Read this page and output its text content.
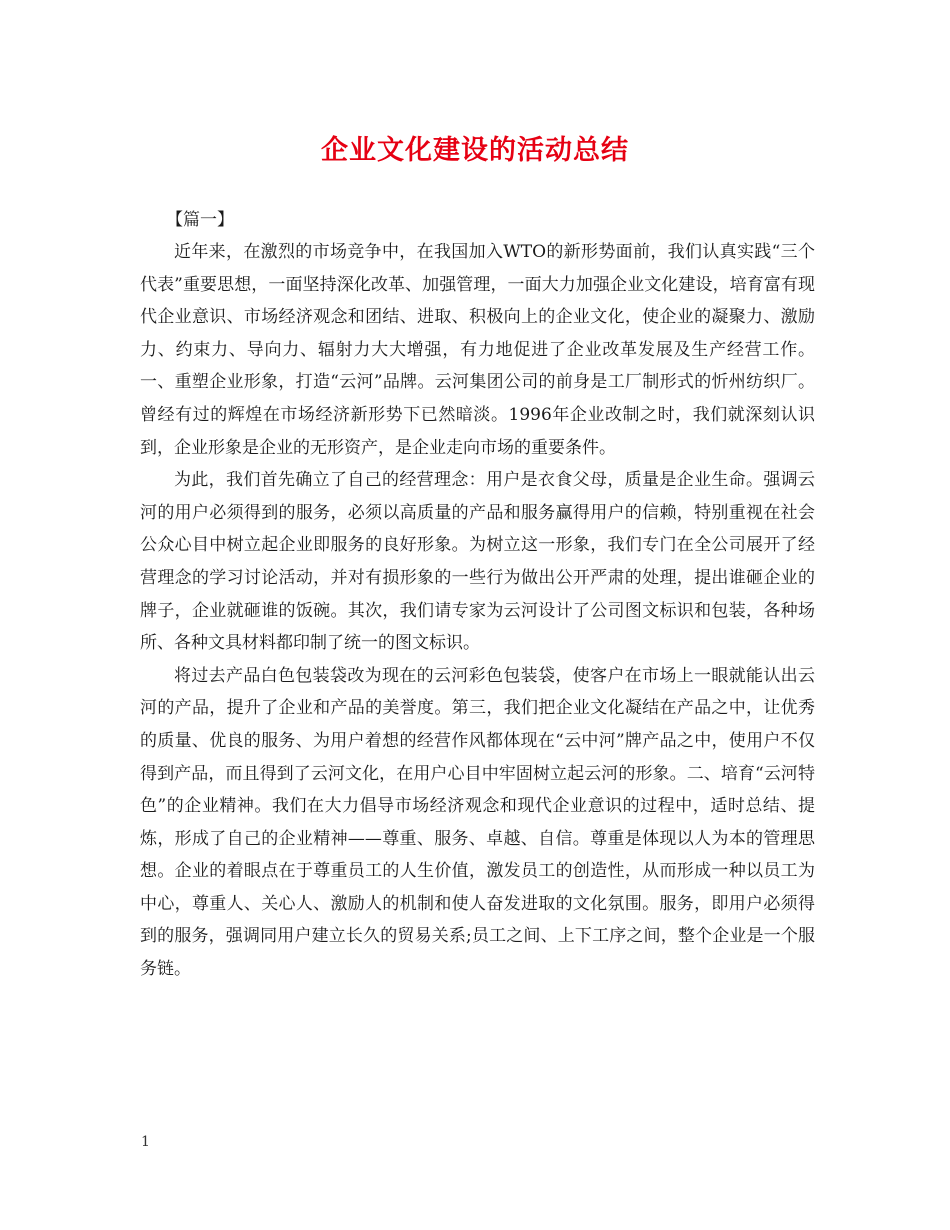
企业文化建设的活动总结

【篇一】

近年来，在激烈的市场竞争中，在我国加入WTO的新形势面前，我们认真实践“三个代表”重要思想，一面坚持深化改革、加强管理，一面大力加强企业文化建设，培育富有现代企业意识、市场经济观念和团结、进取、积极向上的企业文化，使企业的凝聚力、激励力、约束力、导向力、辐射力大大增强，有力地促进了企业改革发展及生产经营工作。一、重塑企业形象，打造“云河”品牌。云河集团公司的前身是工厂制形式的忻州纺织厂。曾经有过的辉煌在市场经济新形势下已然暗淡。1996年企业改制之时，我们就深刻认识到，企业形象是企业的无形资产，是企业走向市场的重要条件。

为此，我们首先确立了自己的经营理念：用户是衣食父母，质量是企业生命。强调云河的用户必须得到的服务，必须以高质量的产品和服务赢得用户的信赖，特别重视在社会公众心目中树立起企业即服务的良好形象。为树立这一形象，我们专门在全公司展开了经营理念的学习讨论活动，并对有损形象的一些行为做出公开严肃的处理，提出谁砸企业的牌子，企业就砸谁的饭碗。其次，我们请专家为云河设计了公司图文标识和包装，各种场所、各种文具材料都印制了统一的图文标识。

将过去产品白色包装袋改为现在的云河彩色包装袋，使客户在市场上一眼就能认出云河的产品，提升了企业和产品的美誉度。第三，我们把企业文化凝结在产品之中，让优秀的质量、优良的服务、为用户着想的经营作风都体现在“云中河”牌产品之中，使用户不仅得到产品，而且得到了云河文化，在用户心目中牢固树立起云河的形象。二、培育“云河特色”的企业精神。我们在大力倡导市场经济观念和现代企业意识的过程中，适时总结、提炼，形成了自己的企业精神——尊重、服务、卓越、自信。尊重是体现以人为本的管理思想。企业的着眼点在于尊重员工的人生价值，激发员工的创造性，从而形成一种以员工为中心，尊重人、关心人、激励人的机制和使人奋发进取的文化氛围。服务，即用户必须得到的服务，强调同用户建立长久的贸易关系;员工之间、上下工序之间，整个企业是一个服务链。

1
